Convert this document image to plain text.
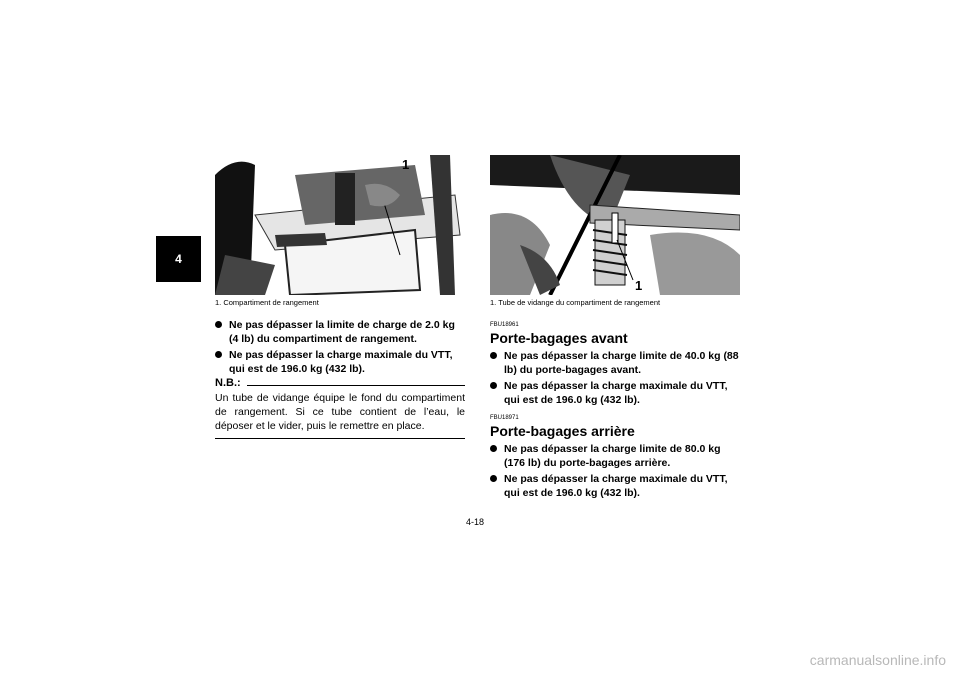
4
1
1. Compartiment de rangement
Ne pas dépasser la limite de charge de 2.0 kg (4 lb) du compartiment de rangement.
Ne pas dépasser la charge maximale du VTT, qui est de 196.0 kg (432 lb).
N.B.:
Un tube de vidange équipe le fond du compartiment de rangement. Si ce tube contient de l’eau, le déposer et le vider, puis le remettre en place.
1
1. Tube de vidange du compartiment de rangement
FBU18961
Porte-bagages avant
Ne pas dépasser la charge limite de 40.0 kg (88 lb) du porte-bagages avant.
Ne pas dépasser la charge maximale du VTT, qui est de 196.0 kg (432 lb).
FBU18971
Porte-bagages arrière
Ne pas dépasser la charge limite de 80.0 kg (176 lb) du porte-bagages arrière.
Ne pas dépasser la charge maximale du VTT, qui est de 196.0 kg (432 lb).
4-18
carmanualsonline.info
